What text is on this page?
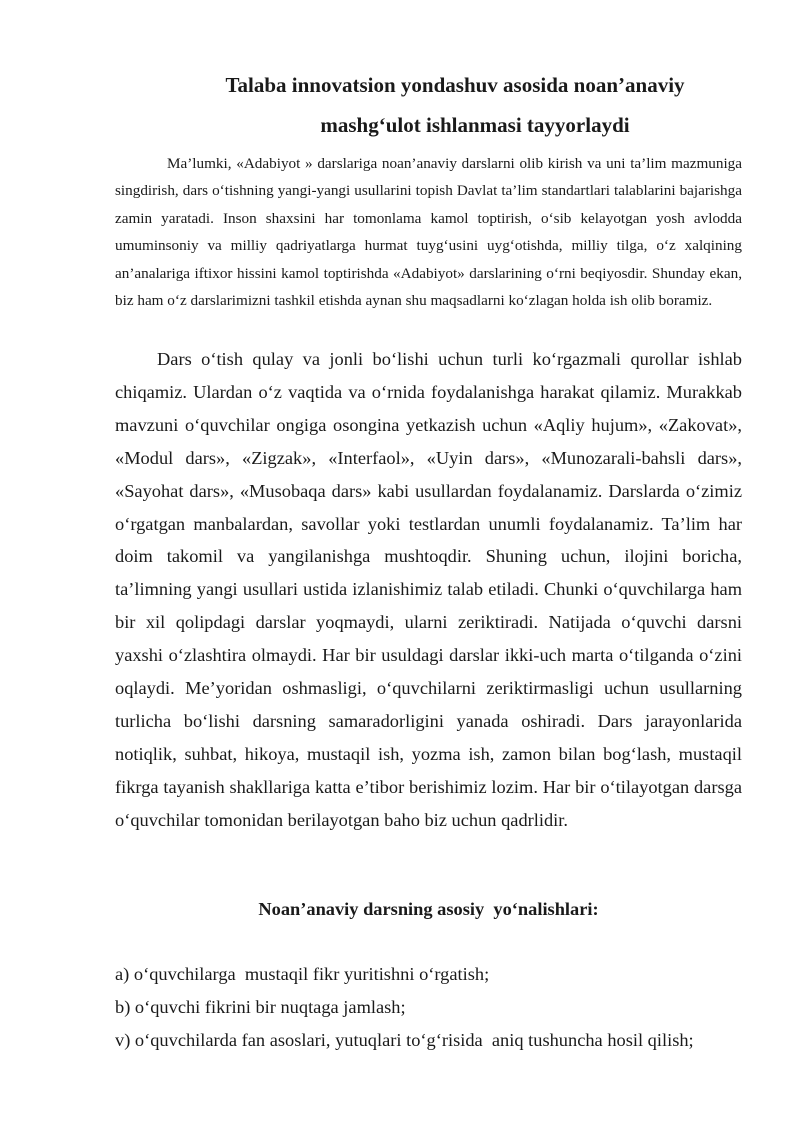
Talaba innovatsion yondashuv asosida noan’anaviy
mashg‘ulot ishlanmasi tayyorlaydi

Ma’lumki, «Adabiyot » darslariga noan’anaviy darslarni olib kirish va uni ta’lim mazmuniga singdirish, dars o‘tishning yangi-yangi usullarini topish Davlat ta’lim standartlari talablarini bajarishga zamin yaratadi. Inson shaxsini har tomonlama kamol toptirish, o‘sib kelayotgan yosh avlodda umuminsoniy va milliy qadriyatlarga hurmat tuyg‘usini uyg‘otishda, milliy tilga, o‘z xalqining an’analariga iftixor hissini kamol toptirishda «Adabiyot» darslarining o‘rni beqiyosdir. Shunday ekan, biz ham o‘z darslarimizni tashkil etishda aynan shu maqsadlarni ko‘zlagan holda ish olib boramiz.

Dars o‘tish qulay va jonli bo‘lishi uchun turli ko‘rgazmali qurollar ishlab chiqamiz. Ulardan o‘z vaqtida va o‘rnida foydalanishga harakat qilamiz. Murakkab mavzuni o‘quvchilar ongiga osongina yetkazish uchun «Aqliy hujum», «Zakovat», «Modul dars», «Zigzak», «Interfaol», «Uyin dars», «Munozarali-bahsli dars», «Sayohat dars», «Musobaqa dars» kabi usullardan foydalanamiz. Darslarda o‘zimiz o‘rgatgan manbalardan, savollar yoki testlardan unumli foydalanamiz. Ta’lim har doim takomil va yangilanishga mushtoqdir. Shuning uchun, ilojini boricha, ta’limning yangi usullari ustida izlanishimiz talab etiladi. Chunki o‘quvchilarga ham bir xil qolipdagi darslar yoqmaydi, ularni zeriktiradi. Natijada o‘quvchi darsni yaxshi o‘zlashtira olmaydi. Har bir usuldagi darslar ikki-uch marta o‘tilganda o‘zini oqlaydi. Me’yoridan oshmasligi, o‘quvchilarni zeriktirmasligi uchun usullarning turlicha bo‘lishi darsning samaradorligini yanada oshiradi. Dars jarayonlarida notiqlik, suhbat, hikoya, mustaqil ish, yozma ish, zamon bilan bog‘lash, mustaqil fikrga tayanish shakllariga katta e’tibor berishimiz lozim. Har bir o‘tilayotgan darsga o‘quvchilar tomonidan berilayotgan baho biz uchun qadrlidir.

Noan’anaviy darsning asosiy  yo‘nalishlari:
a) o‘quvchilarga  mustaqil fikr yuritishni o‘rgatish;
b) o‘quvchi fikrini bir nuqtaga jamlash;
v) o‘quvchilarda fan asoslari, yutuqlari to‘g‘risida  aniq tushuncha hosil qilish;
